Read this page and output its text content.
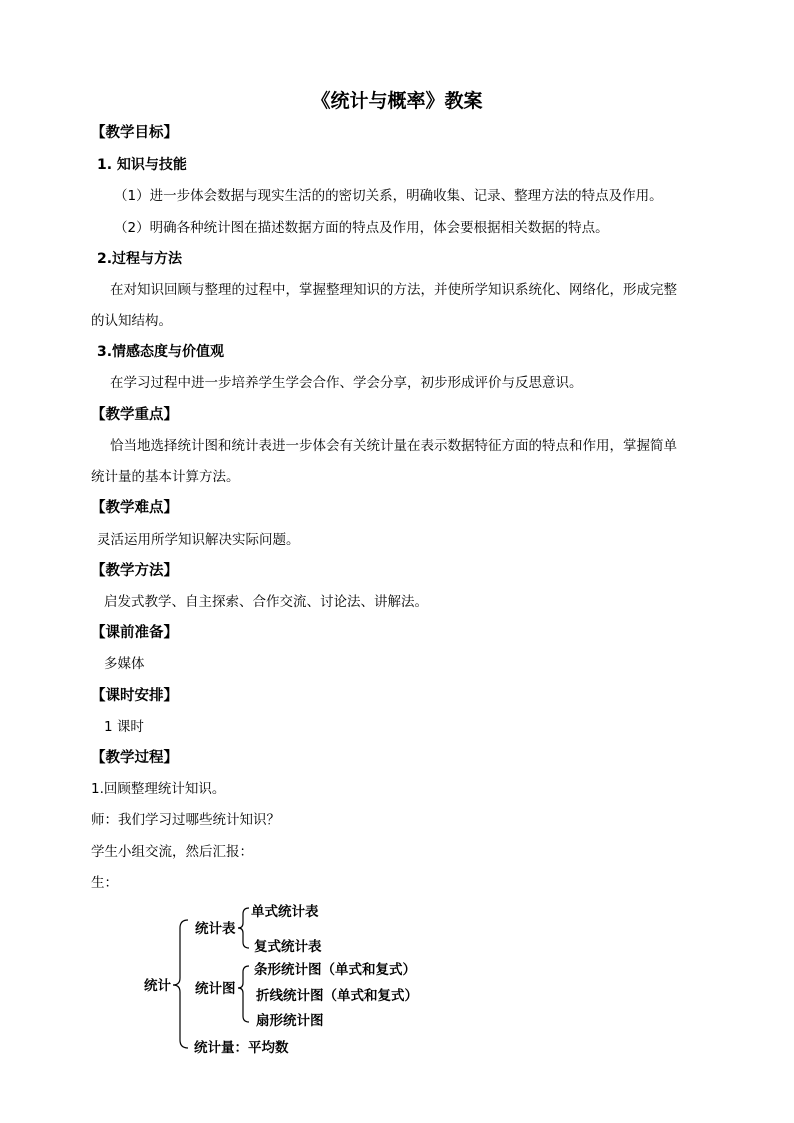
《统计与概率》教案
【教学目标】
1. 知识与技能
（1）进一步体会数据与现实生活的的密切关系，明确收集、记录、整理方法的特点及作用。
（2）明确各种统计图在描述数据方面的特点及作用，体会要根据相关数据的特点。
2.过程与方法
在对知识回顾与整理的过程中，掌握整理知识的方法，并使所学知识系统化、网络化，形成完整
的认知结构。
3.情感态度与价值观
在学习过程中进一步培养学生学会合作、学会分享，初步形成评价与反思意识。
【教学重点】
恰当地选择统计图和统计表进一步体会有关统计量在表示数据特征方面的特点和作用，掌握简单
统计量的基本计算方法。
【教学难点】
灵活运用所学知识解决实际问题。
【教学方法】
启发式教学、自主探索、合作交流、讨论法、讲解法。
【课前准备】
多媒体
【课时安排】
1 课时
【教学过程】
1.回顾整理统计知识。
师：我们学习过哪些统计知识？
学生小组交流，然后汇报：
生：
统计
统计表
单式统计表
复式统计表
统计图
条形统计图（单式和复式）
折线统计图（单式和复式）
扇形统计图
统计量：平均数
